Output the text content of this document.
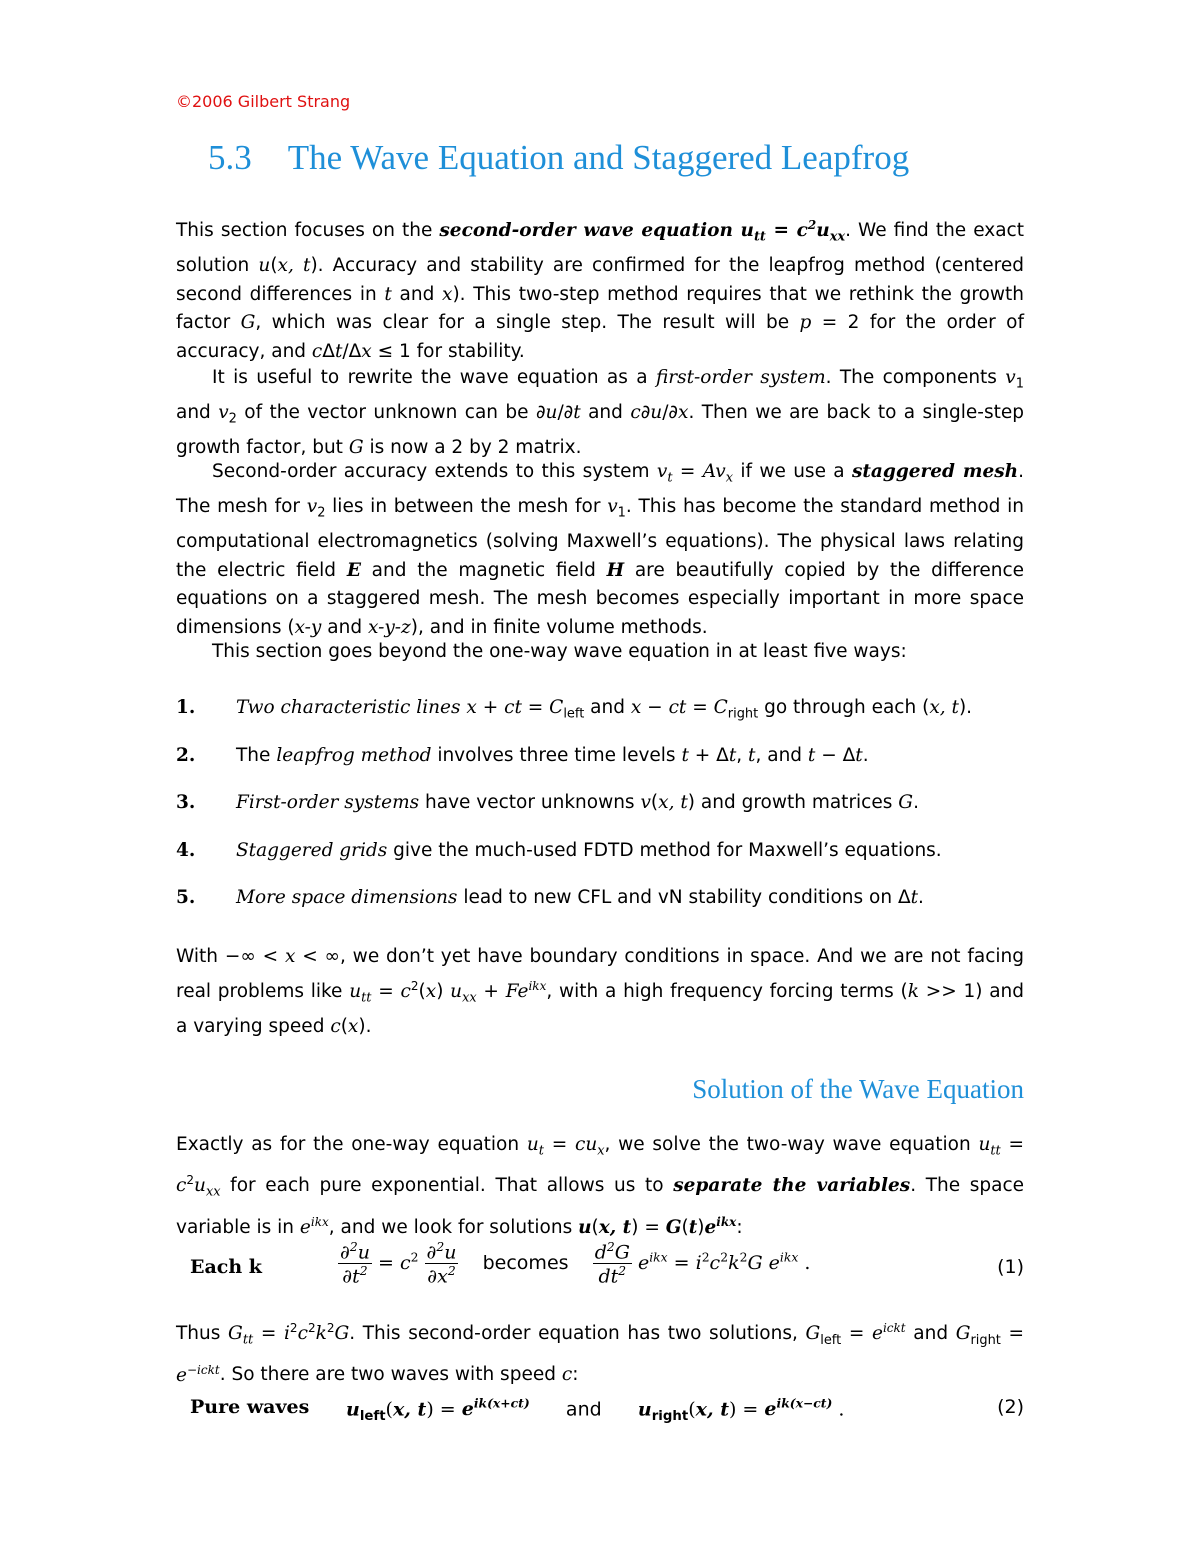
©2006 Gilbert Strang
5.3 The Wave Equation and Staggered Leapfrog
This section focuses on the second-order wave equation $u_{tt} = c^2u_{xx}$. We find the exact solution u(x, t). Accuracy and stability are confirmed for the leapfrog method (centered second differences in t and x). This two-step method requires that we rethink the growth factor G, which was clear for a single step. The result will be p = 2 for the order of accuracy, and cΔt/Δx ≤ 1 for stability.
It is useful to rewrite the wave equation as a first-order system. The components $v_1$ and $v_2$ of the vector unknown can be ∂u/∂t and c∂u/∂x. Then we are back to a single-step growth factor, but G is now a 2 by 2 matrix.
Second-order accuracy extends to this system $v_t = Av_x$ if we use a staggered mesh. The mesh for $v_2$ lies in between the mesh for $v_1$. This has become the standard method in computational electromagnetics (solving Maxwell’s equations). The physical laws relating the electric field E and the magnetic field H are beautifully copied by the difference equations on a staggered mesh. The mesh becomes especially important in more space dimensions (x-y and x-y-z), and in finite volume methods.
This section goes beyond the one-way wave equation in at least five ways:
1. Two characteristic lines x + ct = $C_{left}$ and x − ct = $C_{right}$ go through each (x, t).
2. The leapfrog method involves three time levels t + Δt, t, and t − Δt.
3. First-order systems have vector unknowns v(x, t) and growth matrices G.
4. Staggered grids give the much-used FDTD method for Maxwell’s equations.
5. More space dimensions lead to new CFL and vN stability conditions on Δt.
With −∞ < x < ∞, we don’t yet have boundary conditions in space. And we are not facing real problems like $u_{tt} = c^2(x) u_{xx} + Fe^{ikx}$, with a high frequency forcing terms (k >> 1) and a varying speed c(x).
Solution of the Wave Equation
Exactly as for the one-way equation $u_t = cu_x$, we solve the two-way wave equation $u_{tt} = c^2u_{xx}$ for each pure exponential. That allows us to separate the variables. The space variable is in $e^{ikx}$, and we look for solutions u(x, $t) = G(t)e^{ikx}$:
Each k	$\frac{\partial^2u}{\partial t^2} = c^2 \frac{\partial^2u}{\partial x^2}$ becomes $\frac{d^2G}{dt^2} e^{ikx} = i^2c^2k^2G$ $e^{ikx}$ .	(1)
Thus $G_{tt} = i^2c^2k^2G$. This second-order equation has two solutions, $G_{left} = e^{ickt}$ and $G_{right} = e^{-ickt}$. So there are two waves with speed c:
Pure waves $u_{left}(x$, $t) = e^{ik(x+ct)}$ and $u_{right}(x$, $t) = e^{ik(x-ct)}$ .	(2)
